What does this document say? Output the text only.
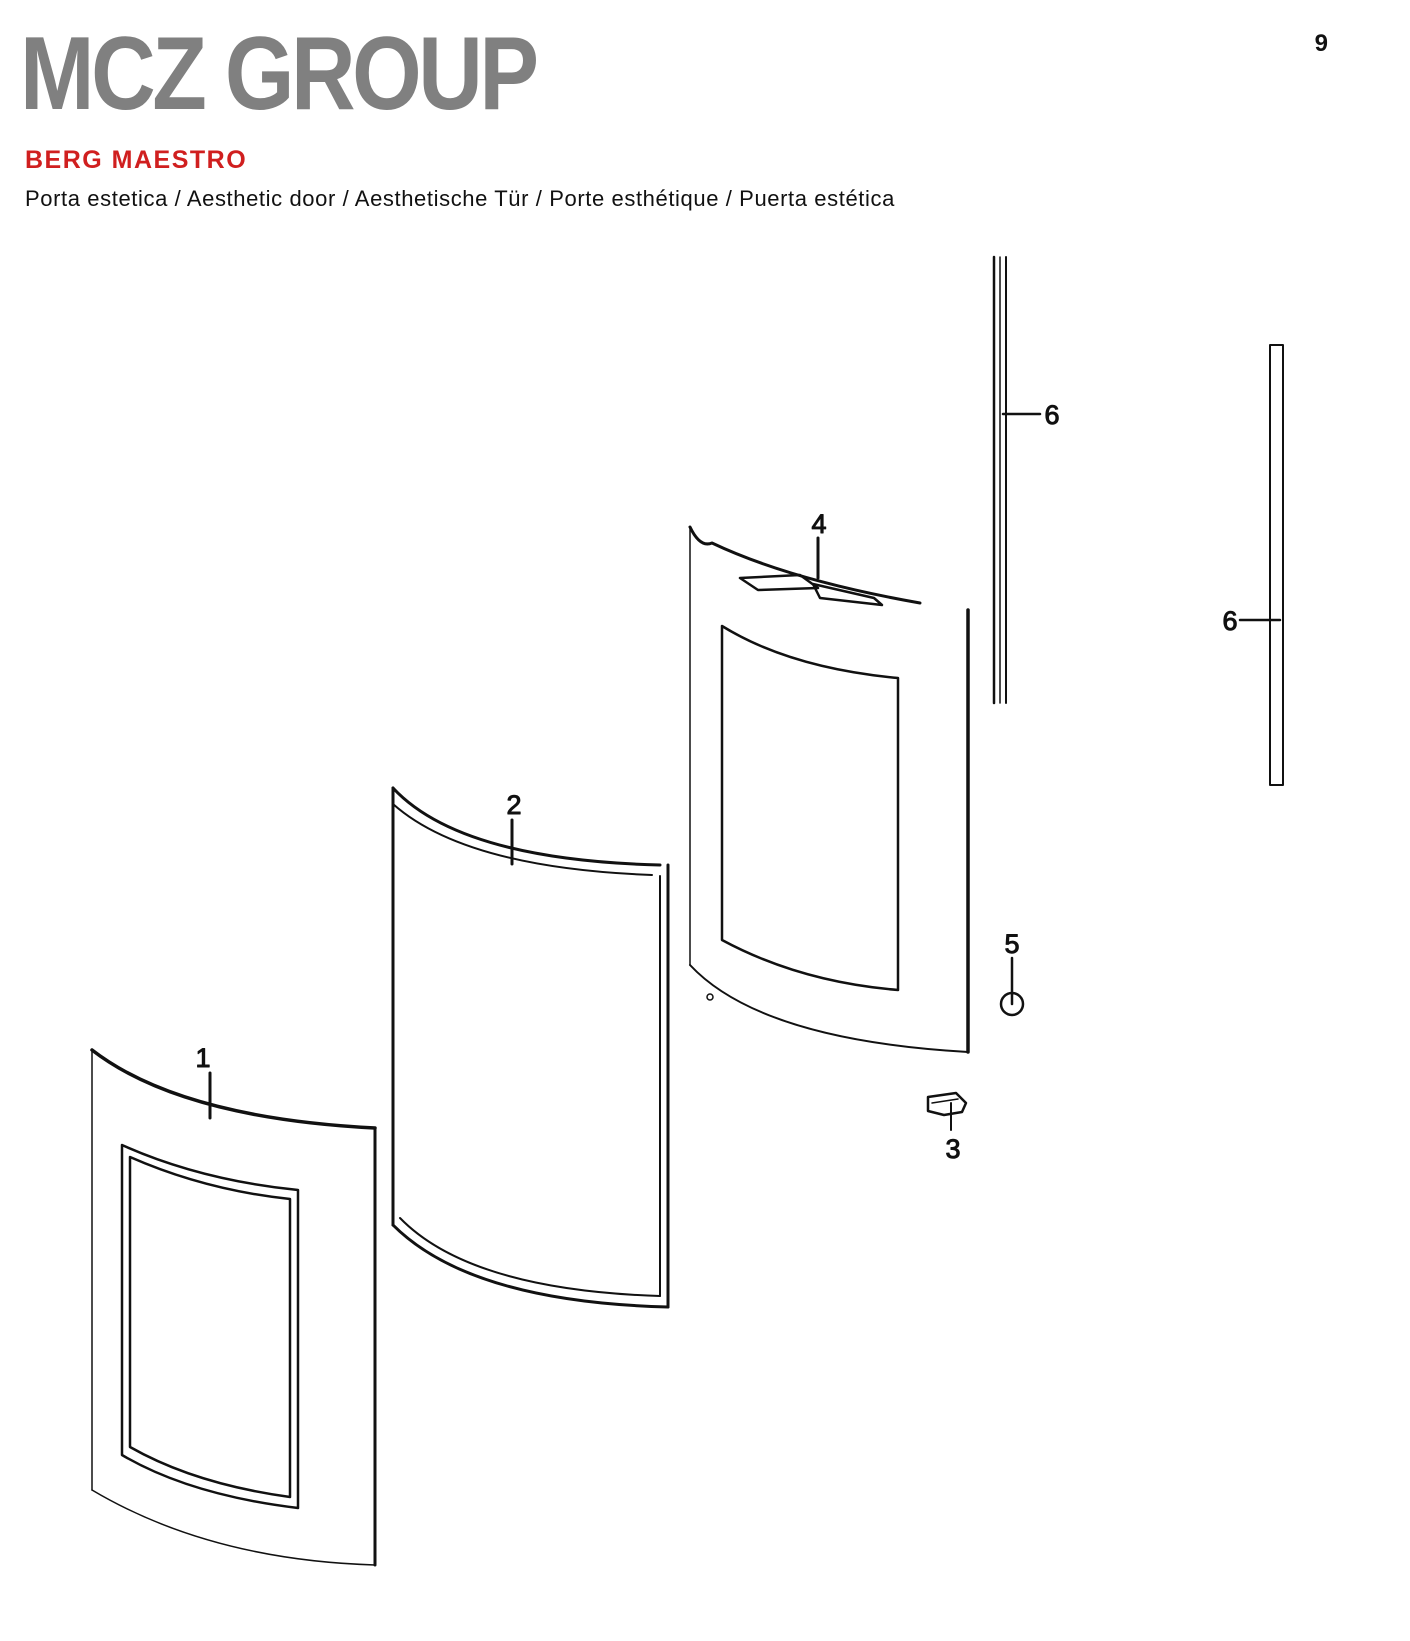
MCZ GROUP	9
BERG MAESTRO

Porta estetica / Aesthetic door / Aesthetische Tür / Porte esthétique / Puerta estética

1
2
3
4
5
6
6
